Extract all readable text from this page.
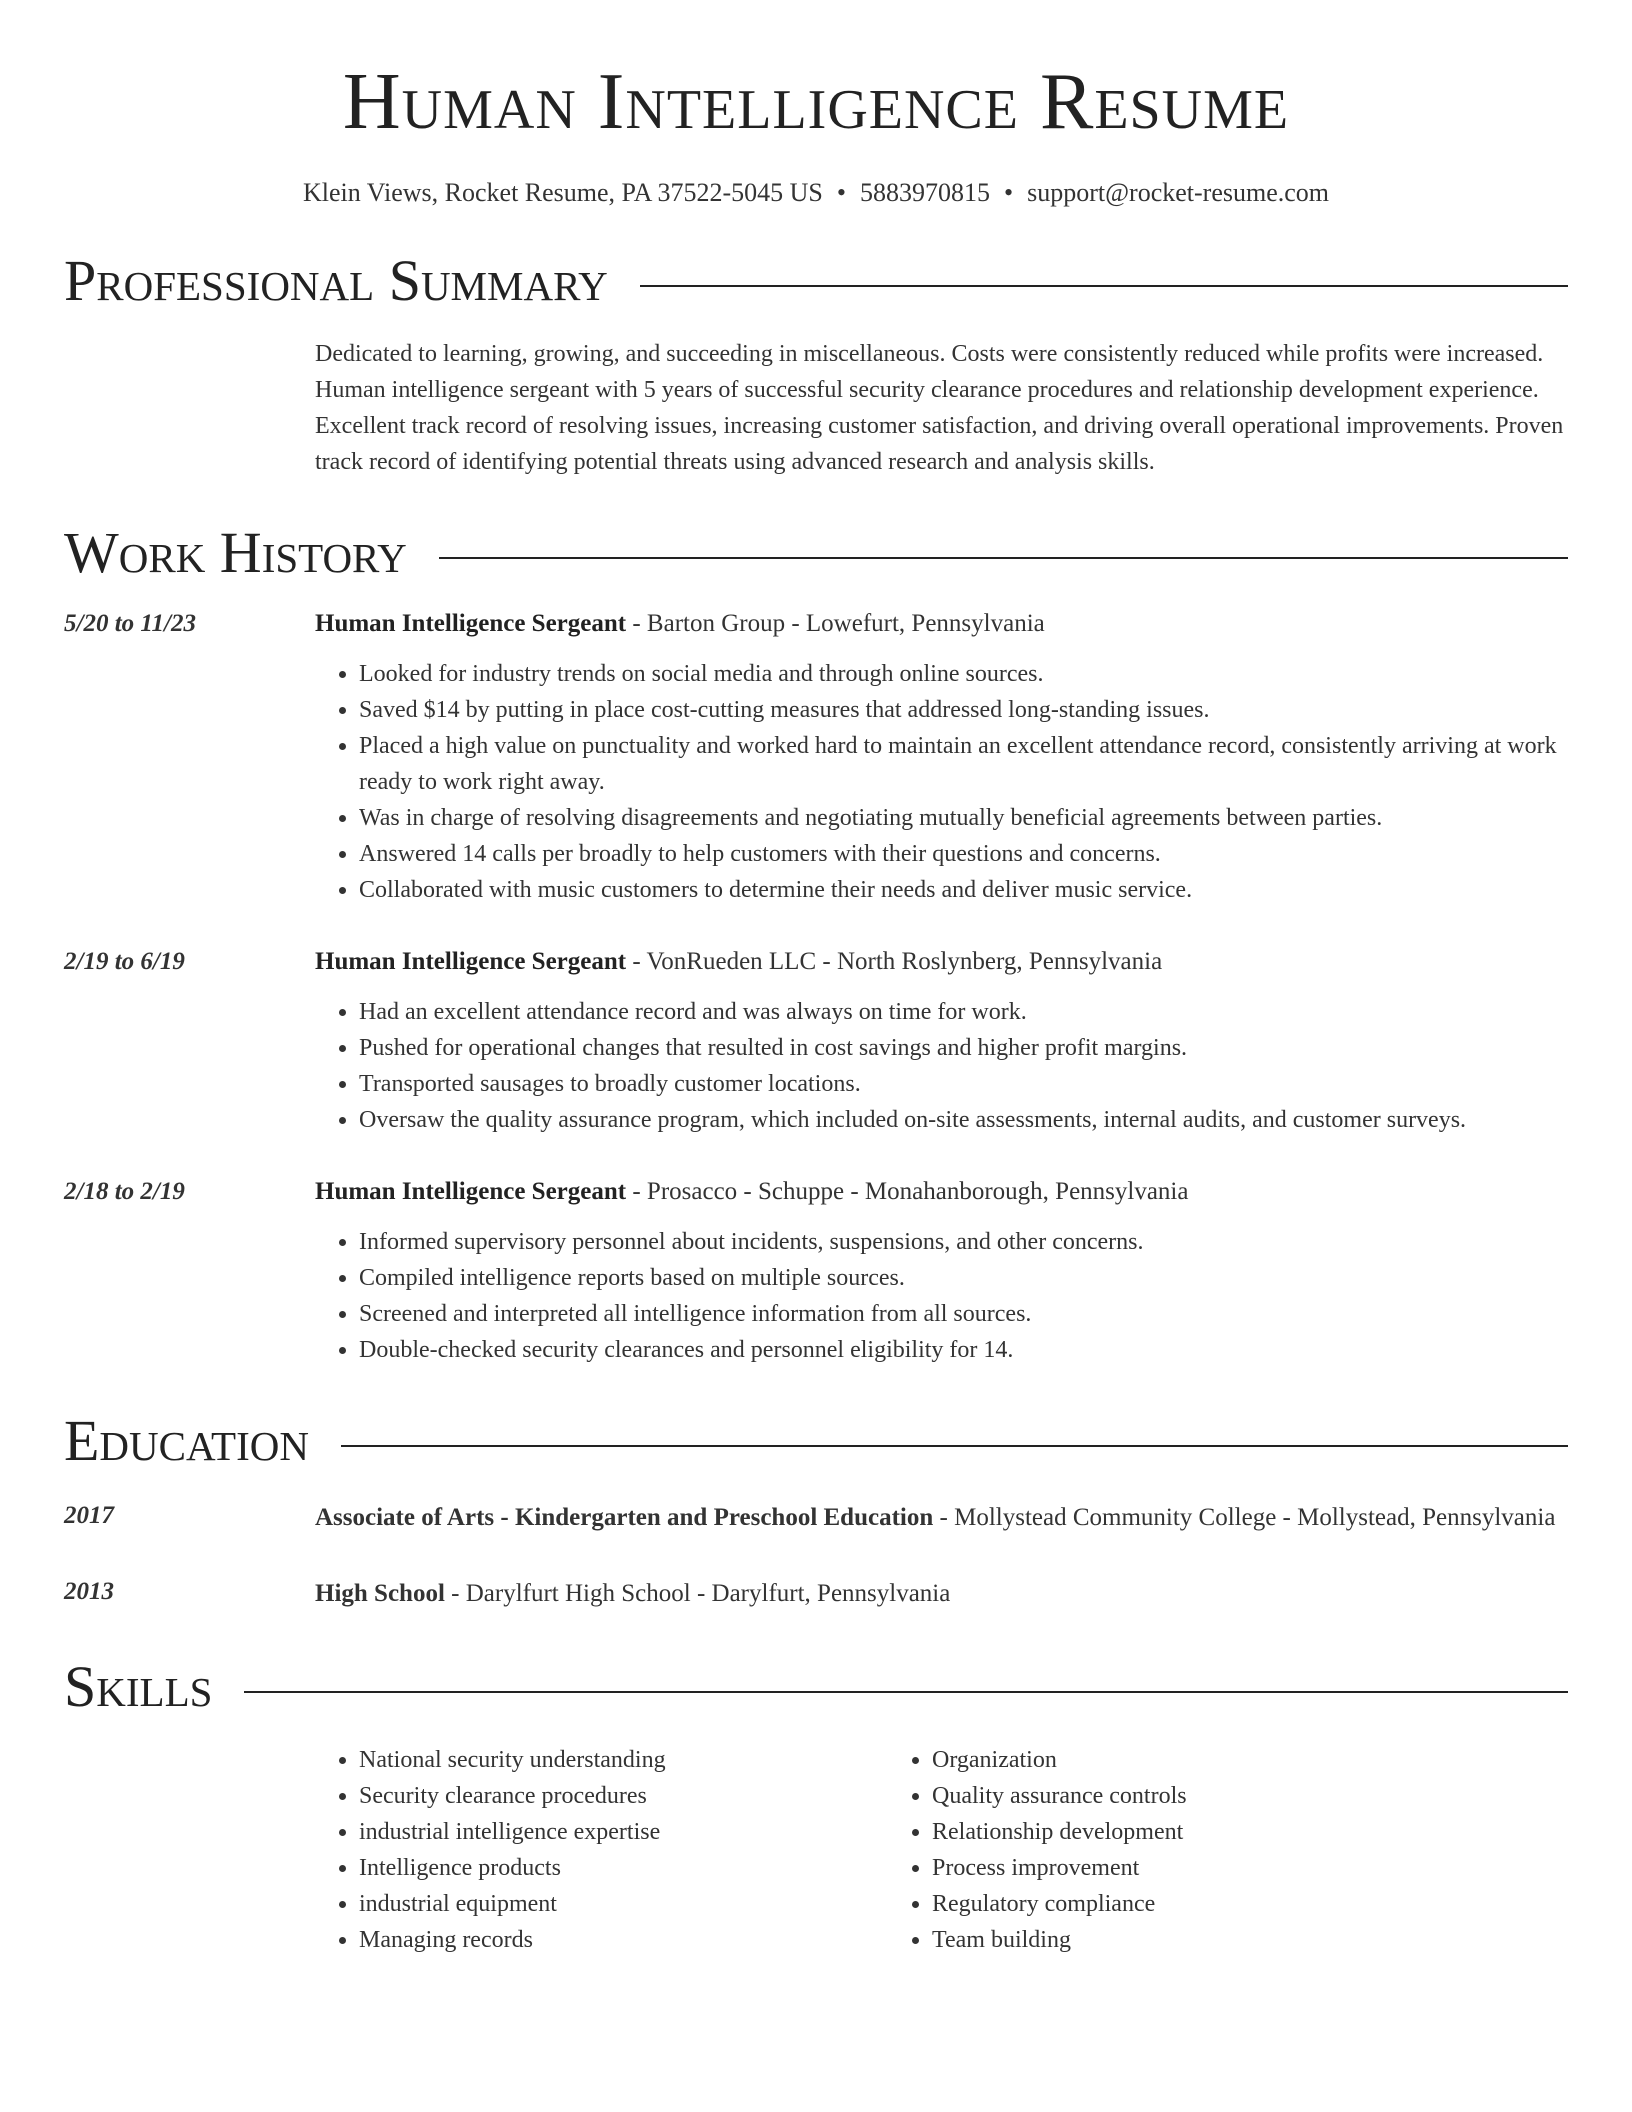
Human Intelligence Resume
Klein Views, Rocket Resume, PA 37522-5045 US • 5883970815 • support@rocket-resume.com
Professional Summary
Dedicated to learning, growing, and succeeding in miscellaneous. Costs were consistently reduced while profits were increased. Human intelligence sergeant with 5 years of successful security clearance procedures and relationship development experience. Excellent track record of resolving issues, increasing customer satisfaction, and driving overall operational improvements. Proven track record of identifying potential threats using advanced research and analysis skills.
Work History
5/20 to 11/23	Human Intelligence Sergeant - Barton Group - Lowefurt, Pennsylvania
• Looked for industry trends on social media and through online sources.
• Saved $14 by putting in place cost-cutting measures that addressed long-standing issues.
• Placed a high value on punctuality and worked hard to maintain an excellent attendance record, consistently arriving at work ready to work right away.
• Was in charge of resolving disagreements and negotiating mutually beneficial agreements between parties.
• Answered 14 calls per broadly to help customers with their questions and concerns.
• Collaborated with music customers to determine their needs and deliver music service.
2/19 to 6/19	Human Intelligence Sergeant - VonRueden LLC - North Roslynberg, Pennsylvania
• Had an excellent attendance record and was always on time for work.
• Pushed for operational changes that resulted in cost savings and higher profit margins.
• Transported sausages to broadly customer locations.
• Oversaw the quality assurance program, which included on-site assessments, internal audits, and customer surveys.
2/18 to 2/19	Human Intelligence Sergeant - Prosacco - Schuppe - Monahanborough, Pennsylvania
• Informed supervisory personnel about incidents, suspensions, and other concerns.
• Compiled intelligence reports based on multiple sources.
• Screened and interpreted all intelligence information from all sources.
• Double-checked security clearances and personnel eligibility for 14.
Education
2017	Associate of Arts - Kindergarten and Preschool Education - Mollystead Community College - Mollystead, Pennsylvania
2013	High School - Darylfurt High School - Darylfurt, Pennsylvania
Skills
• National security understanding
• Security clearance procedures
• industrial intelligence expertise
• Intelligence products
• industrial equipment
• Managing records
• Organization
• Quality assurance controls
• Relationship development
• Process improvement
• Regulatory compliance
• Team building
